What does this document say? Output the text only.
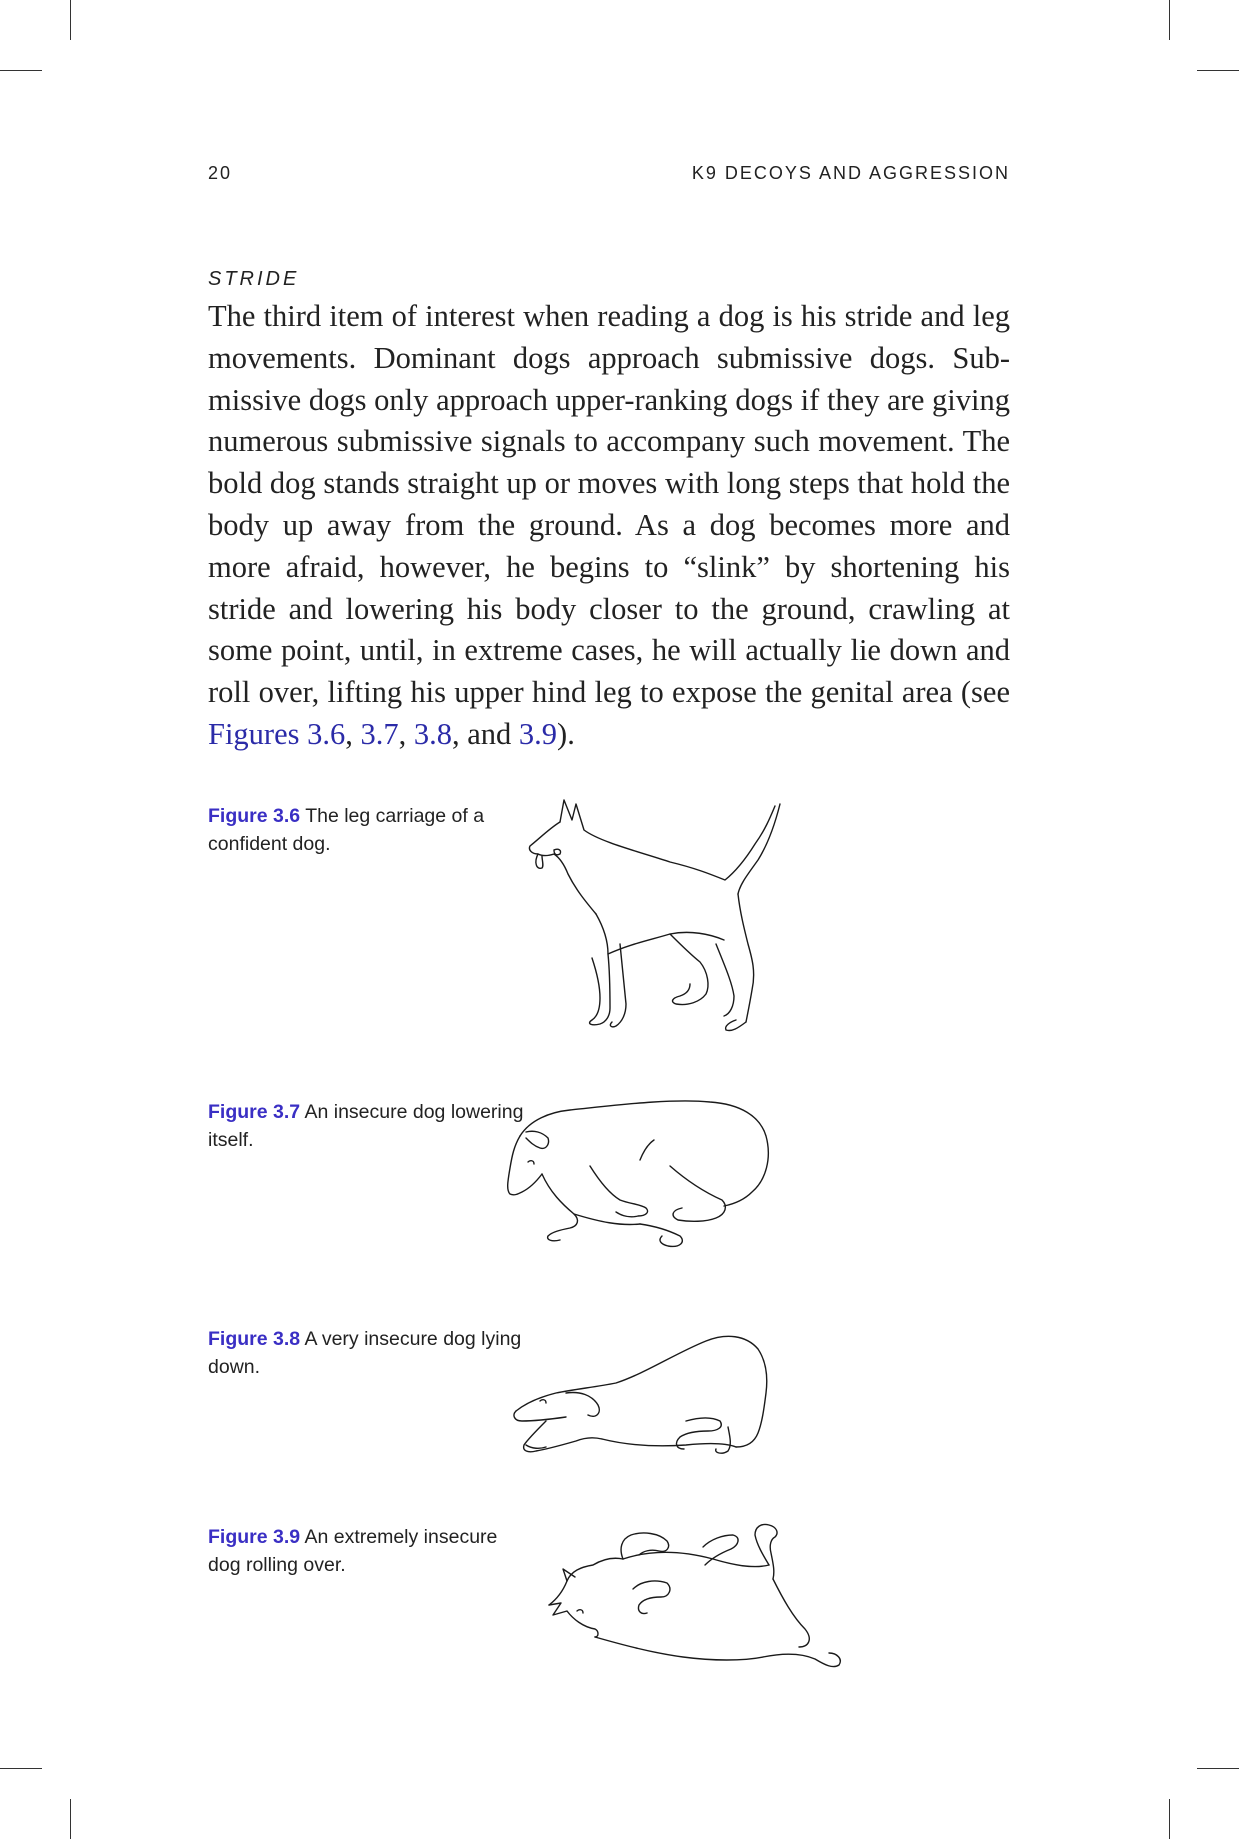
20	K9 DECOYS AND AGGRESSION
STRIDE

The third item of interest when reading a dog is his stride and leg movements. Dominant dogs approach submissive dogs. Submissive dogs only approach upper-ranking dogs if they are giving numerous submissive signals to accompany such movement. The bold dog stands straight up or moves with long steps that hold the body up away from the ground. As a dog becomes more and more afraid, however, he begins to “slink” by shortening his stride and lowering his body closer to the ground, crawling at some point, until, in extreme cases, he will actually lie down and roll over, lifting his upper hind leg to expose the genital area (see Figures 3.6, 3.7, 3.8, and 3.9).

Figure 3.6 The leg carriage of a confident dog.
Figure 3.7 An insecure dog lowering itself.
Figure 3.8 A very insecure dog lying down.
Figure 3.9 An extremely insecure dog rolling over.
